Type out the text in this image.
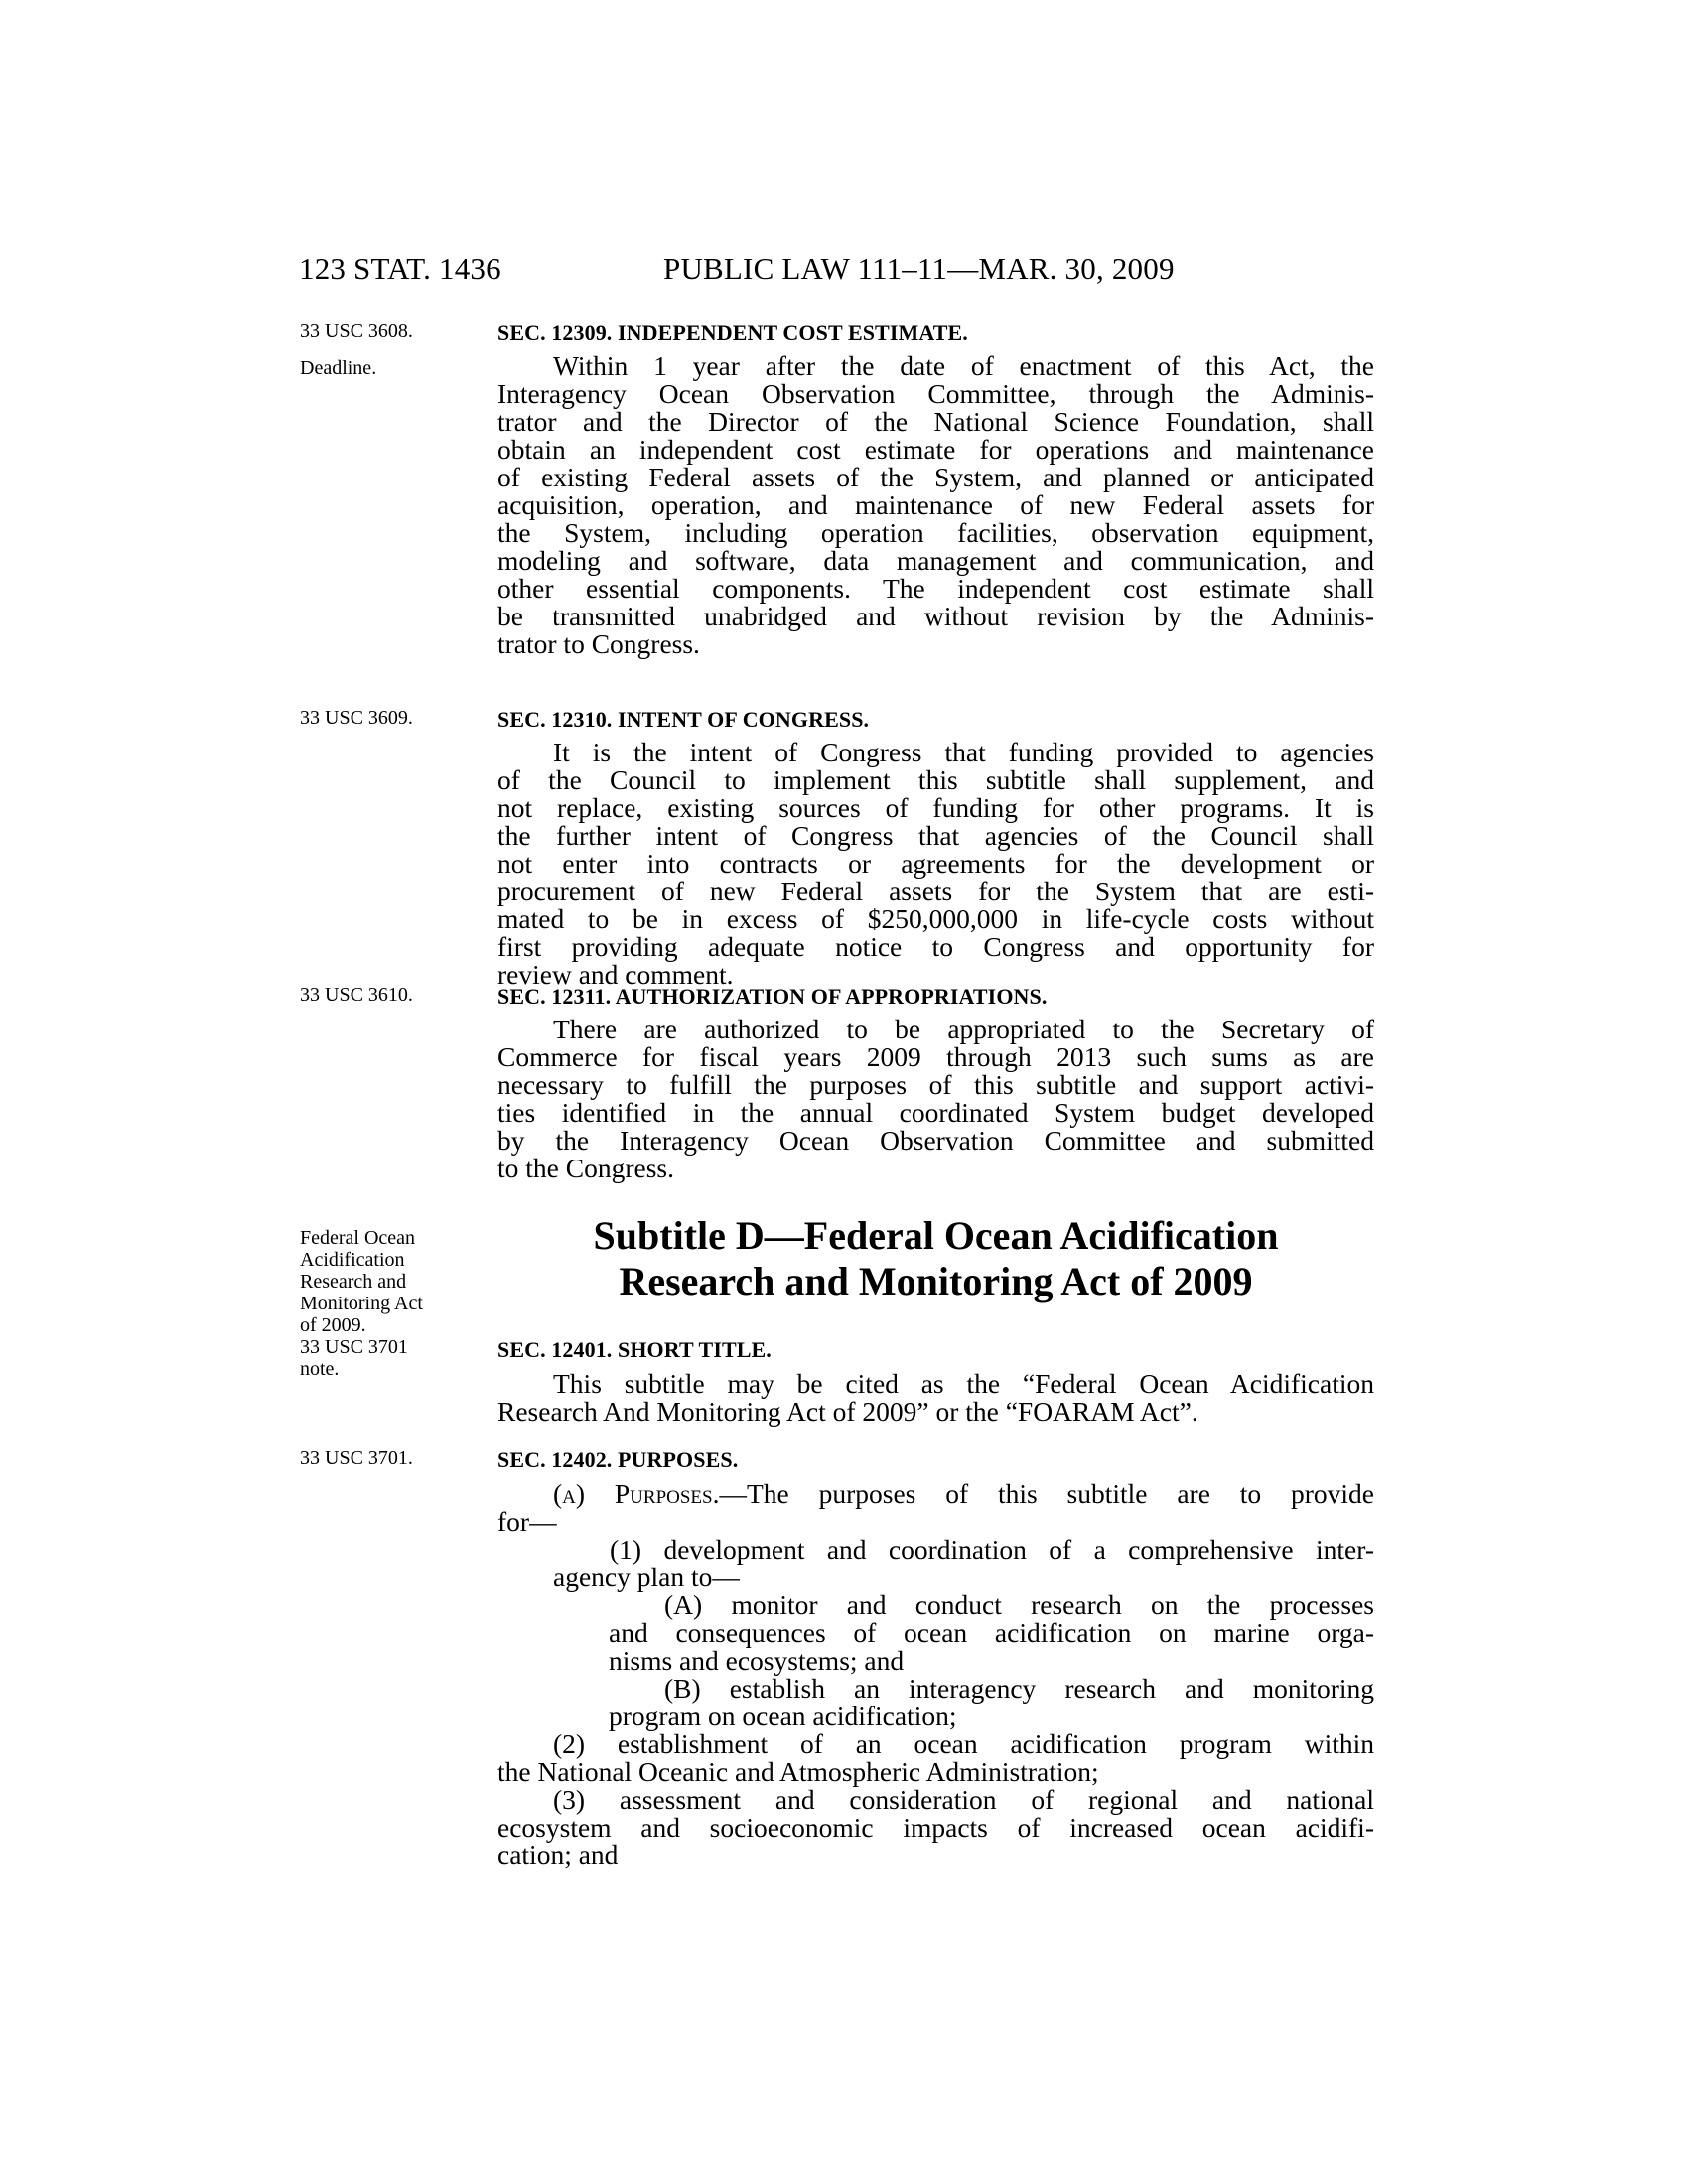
123 STAT. 1436	PUBLIC LAW 111–11—MAR. 30, 2009
33 USC 3608.
Deadline.
33 USC 3609.
33 USC 3610.
Federal Ocean
Acidification
Research and
Monitoring Act
of 2009.
33 USC 3701
note.
33 USC 3701.
SEC. 12309. INDEPENDENT COST ESTIMATE.
Within 1 year after the date of enactment of this Act, the
Interagency Ocean Observation Committee, through the Adminis-
trator and the Director of the National Science Foundation, shall
obtain an independent cost estimate for operations and maintenance
of existing Federal assets of the System, and planned or anticipated
acquisition, operation, and maintenance of new Federal assets for
the System, including operation facilities, observation equipment,
modeling and software, data management and communication, and
other essential components. The independent cost estimate shall
be transmitted unabridged and without revision by the Adminis-
trator to Congress.
SEC. 12310. INTENT OF CONGRESS.
It is the intent of Congress that funding provided to agencies
of the Council to implement this subtitle shall supplement, and
not replace, existing sources of funding for other programs. It is
the further intent of Congress that agencies of the Council shall
not enter into contracts or agreements for the development or
procurement of new Federal assets for the System that are esti-
mated to be in excess of $250,000,000 in life-cycle costs without
first providing adequate notice to Congress and opportunity for
review and comment.
SEC. 12311. AUTHORIZATION OF APPROPRIATIONS.
There are authorized to be appropriated to the Secretary of
Commerce for fiscal years 2009 through 2013 such sums as are
necessary to fulfill the purposes of this subtitle and support activi-
ties identified in the annual coordinated System budget developed
by the Interagency Ocean Observation Committee and submitted
to the Congress.
Subtitle D—Federal Ocean Acidification
Research and Monitoring Act of 2009
SEC. 12401. SHORT TITLE.
This subtitle may be cited as the “Federal Ocean Acidification
Research And Monitoring Act of 2009” or the “FOARAM Act”.
SEC. 12402. PURPOSES.
(a) Purposes.—The purposes of this subtitle are to provide
for—
(1) development and coordination of a comprehensive inter-
agency plan to—
(A) monitor and conduct research on the processes
and consequences of ocean acidification on marine orga-
nisms and ecosystems; and
(B) establish an interagency research and monitoring
program on ocean acidification;
(2) establishment of an ocean acidification program within
the National Oceanic and Atmospheric Administration;
(3) assessment and consideration of regional and national
ecosystem and socioeconomic impacts of increased ocean acidifi-
cation; and
